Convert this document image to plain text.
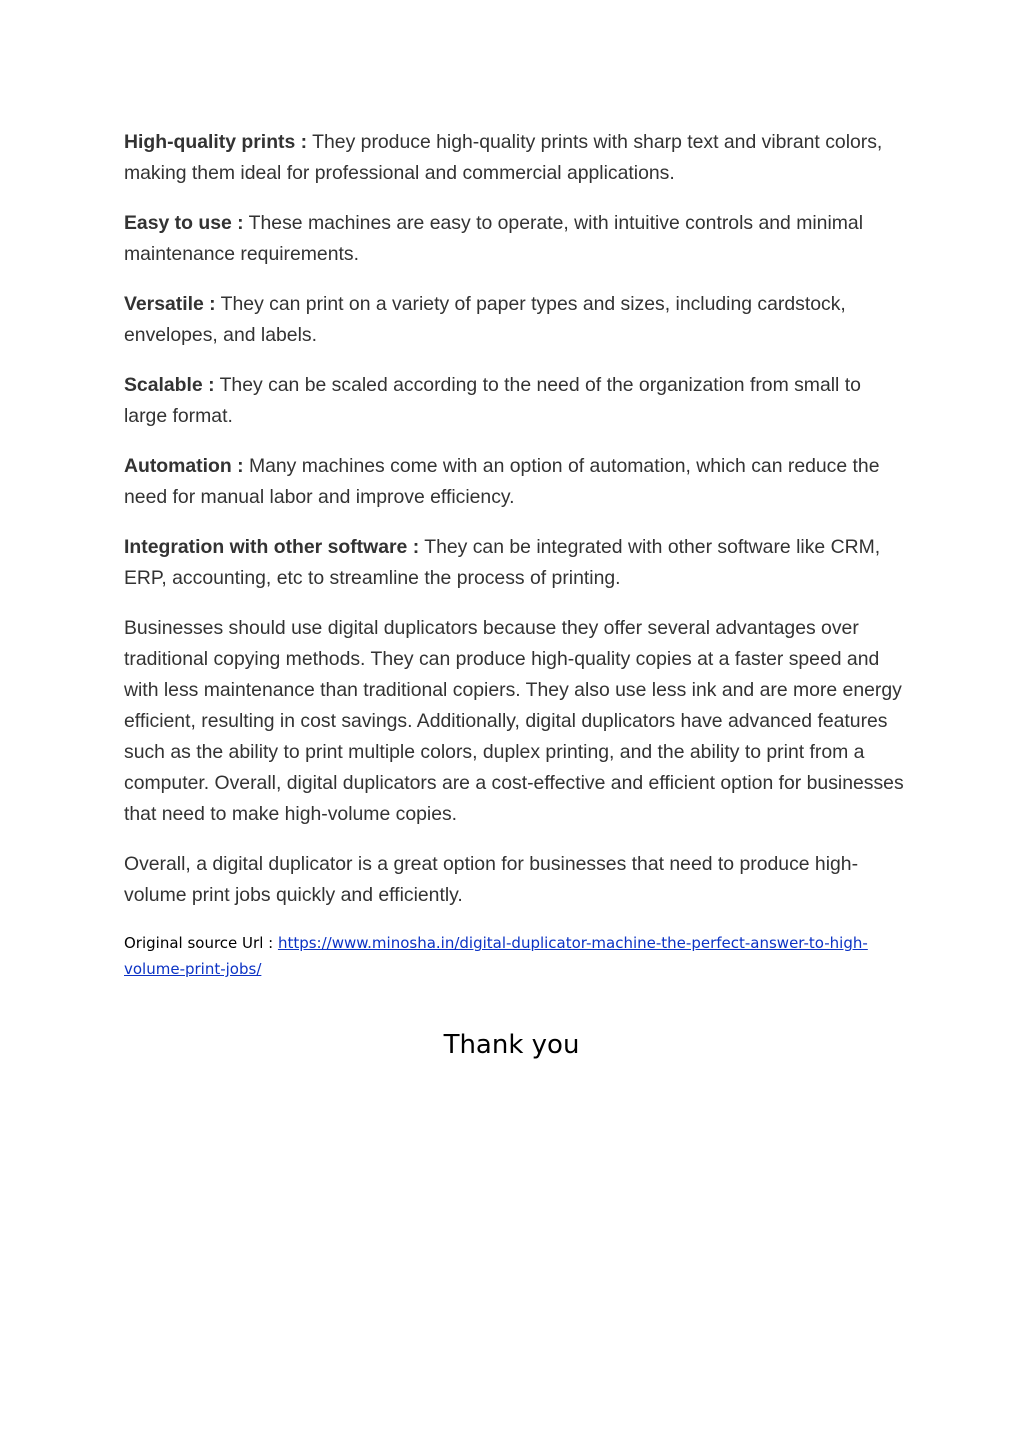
High-quality prints : They produce high-quality prints with sharp text and vibrant colors, making them ideal for professional and commercial applications.

Easy to use : These machines are easy to operate, with intuitive controls and minimal maintenance requirements.

Versatile : They can print on a variety of paper types and sizes, including cardstock, envelopes, and labels.

Scalable : They can be scaled according to the need of the organization from small to large format.

Automation : Many machines come with an option of automation, which can reduce the need for manual labor and improve efficiency.

Integration with other software : They can be integrated with other software like CRM, ERP, accounting, etc to streamline the process of printing.

Businesses should use digital duplicators because they offer several advantages over traditional copying methods. They can produce high-quality copies at a faster speed and with less maintenance than traditional copiers. They also use less ink and are more energy efficient, resulting in cost savings. Additionally, digital duplicators have advanced features such as the ability to print multiple colors, duplex printing, and the ability to print from a computer. Overall, digital duplicators are a cost-effective and efficient option for businesses that need to make high-volume copies.

Overall, a digital duplicator is a great option for businesses that need to produce high-volume print jobs quickly and efficiently.

Original source Url : https://www.minosha.in/digital-duplicator-machine-the-perfect-answer-to-high-volume-print-jobs/
Thank you
